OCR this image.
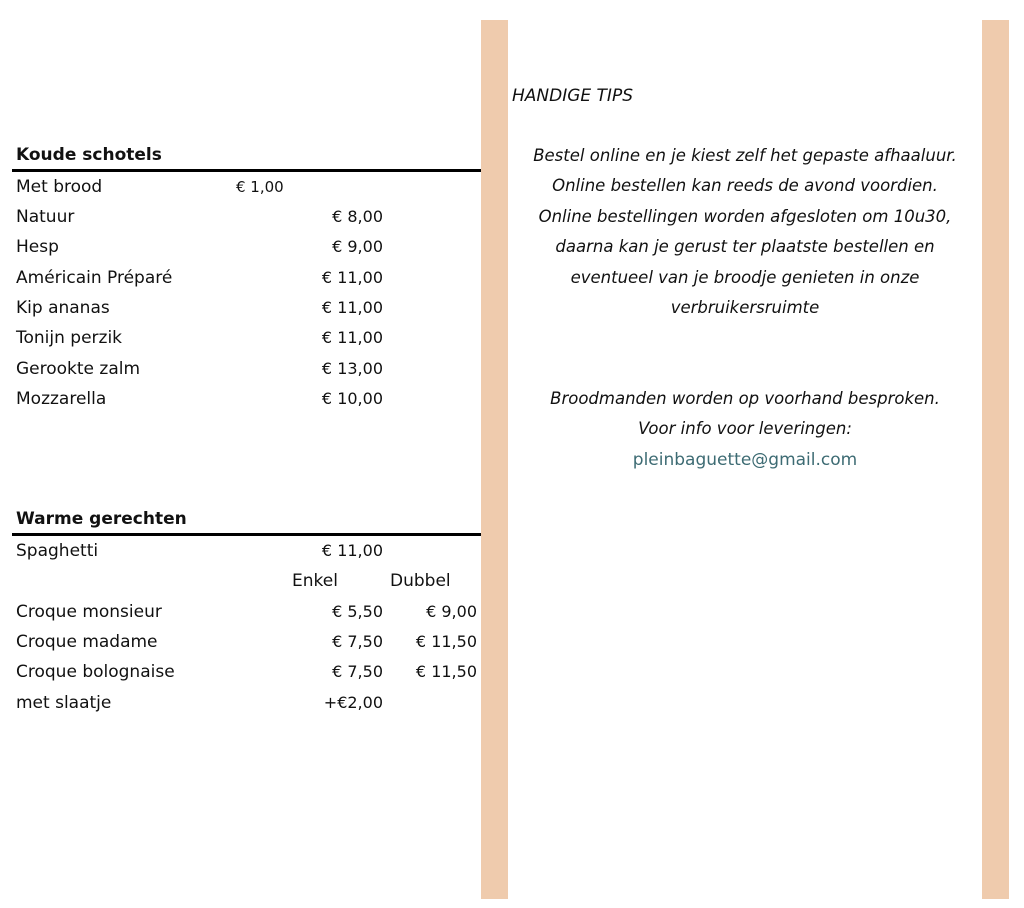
Koude schotels
Met brood	€ 1,00
Natuur	€ 8,00
Hesp	€ 9,00
Américain Préparé	€ 11,00
Kip ananas	€ 11,00
Tonijn perzik	€ 11,00
Gerookte zalm	€ 13,00
Mozzarella	€ 10,00
Warme gerechten
Spaghetti	€ 11,00
Enkel	Dubbel
Croque monsieur	€ 5,50	€ 9,00
Croque madame	€ 7,50 € 11,50
Croque bolognaise	€ 7,50 € 11,50
met slaatje	+€2,00
HANDIGE TIPS
Bestel online en je kiest zelf het gepaste afhaaluur.
Online bestellen kan reeds de avond voordien.
Online bestellingen worden afgesloten om 10u30,
daarna kan je gerust ter plaatste bestellen en
eventueel van je broodje genieten in onze
verbruikersruimte
Broodmanden worden op voorhand besproken.
Voor info voor leveringen:
pleinbaguette@gmail.com
